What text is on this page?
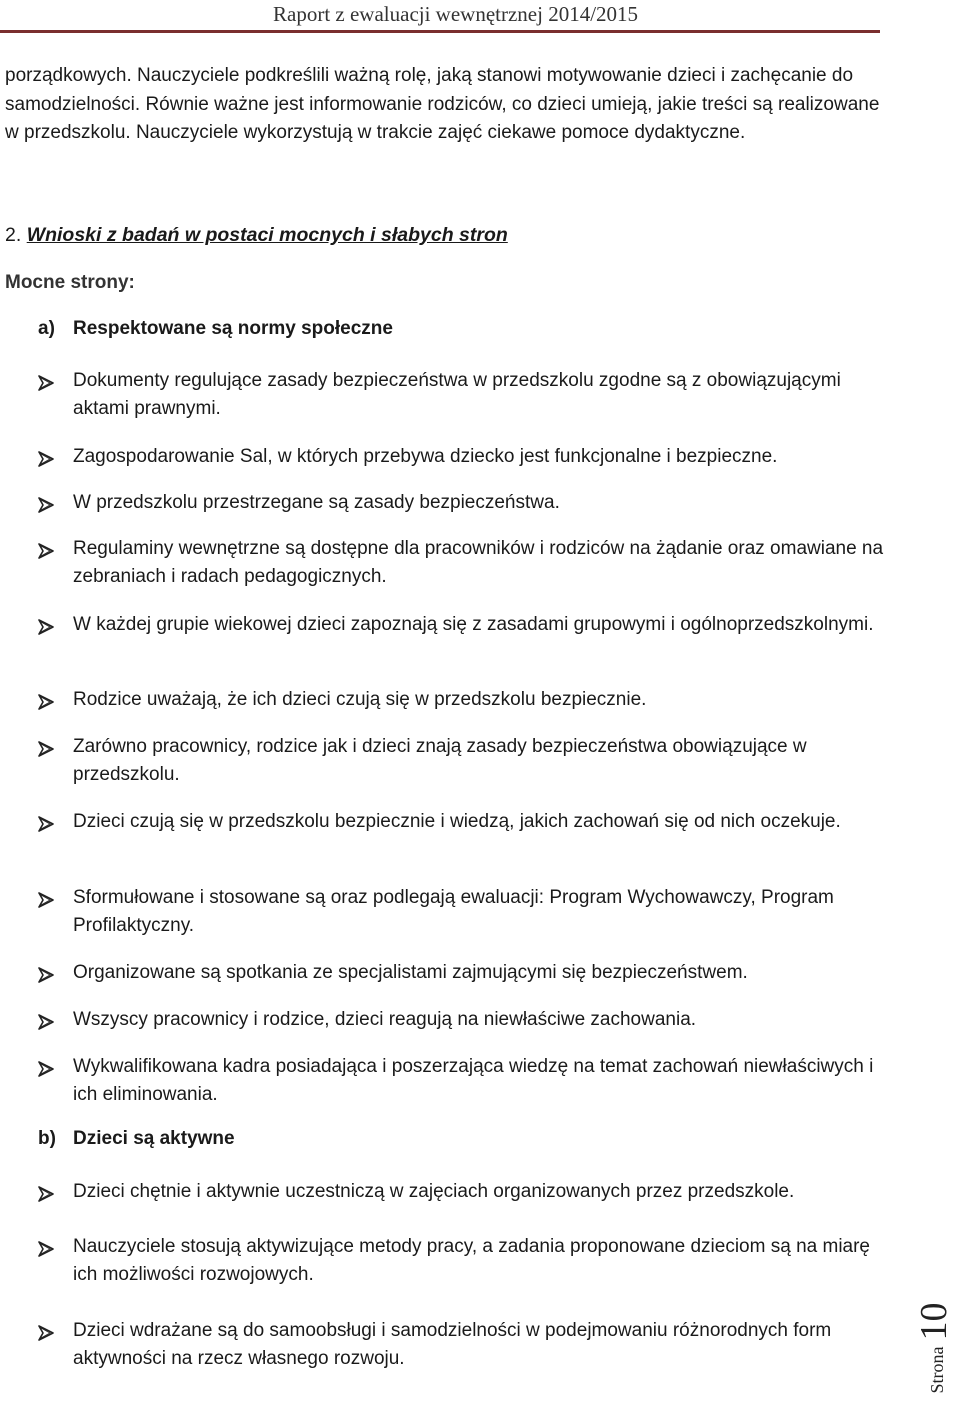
Raport z ewaluacji wewnętrznej 2014/2015

porządkowych. Nauczyciele podkreślili ważną rolę, jaką stanowi motywowanie dzieci i zachęcanie do samodzielności. Równie ważne jest informowanie rodziców, co dzieci umieją, jakie treści są realizowane w przedszkolu. Nauczyciele wykorzystują w trakcie zajęć ciekawe pomoce dydaktyczne.

2. Wnioski z badań w postaci mocnych i słabych stron

Mocne strony:

a) Respektowane są normy społeczne

Dokumenty regulujące zasady bezpieczeństwa w przedszkolu zgodne są z obowiązującymi aktami prawnymi.
Zagospodarowanie Sal, w których przebywa dziecko jest funkcjonalne i bezpieczne.
W przedszkolu przestrzegane są zasady bezpieczeństwa.
Regulaminy wewnętrzne są dostępne dla pracowników i rodziców na żądanie oraz omawiane na zebraniach i radach pedagogicznych.
W każdej grupie wiekowej dzieci zapoznają się z zasadami grupowymi i ogólnoprzedszkolnymi.
Rodzice uważają, że ich dzieci czują się w przedszkolu bezpiecznie.
Zarówno pracownicy, rodzice jak i dzieci znają zasady bezpieczeństwa obowiązujące w przedszkolu.
Dzieci czują się w przedszkolu bezpiecznie i wiedzą, jakich zachowań się od nich oczekuje.
Sformułowane i stosowane są oraz podlegają ewaluacji: Program Wychowawczy, Program Profilaktyczny.
Organizowane są spotkania ze specjalistami zajmującymi się bezpieczeństwem.
Wszyscy pracownicy i rodzice, dzieci reagują na niewłaściwe zachowania.
Wykwalifikowana kadra posiadająca i poszerzająca wiedzę na temat zachowań niewłaściwych i ich eliminowania.

b) Dzieci są aktywne

Dzieci chętnie i aktywnie uczestniczą w zajęciach organizowanych przez przedszkole.
Nauczyciele stosują aktywizujące metody pracy, a zadania proponowane dzieciom są na miarę ich możliwości rozwojowych.
Dzieci wdrażane są do samoobsługi i samodzielności w podejmowaniu różnorodnych form aktywności na rzecz własnego rozwoju.	Strona10
